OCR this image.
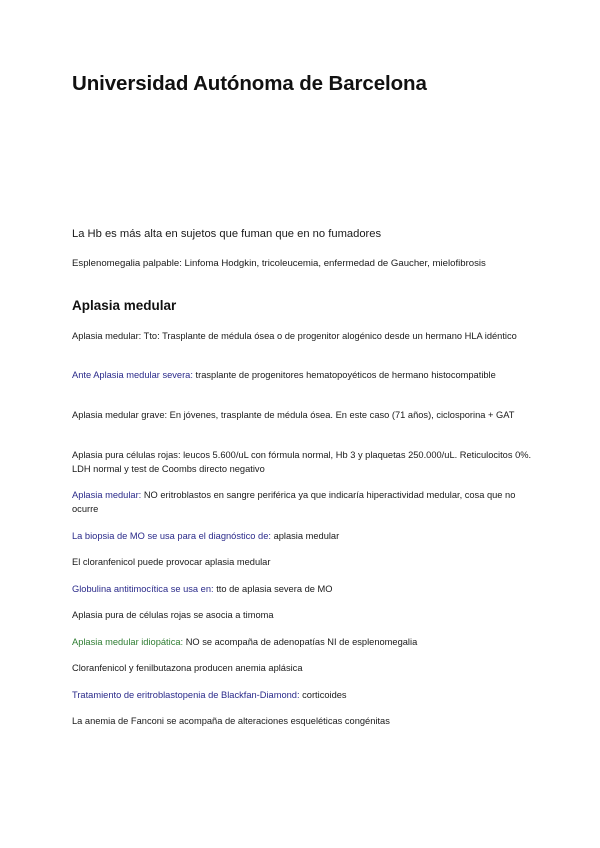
Universidad Autónoma de Barcelona

La Hb es más alta en sujetos que fuman que en no fumadores

Esplenomegalia palpable: Linfoma Hodgkin, tricoleucemia, enfermedad de Gaucher, mielofibrosis

Aplasia medular

Aplasia medular: Tto: Trasplante de médula ósea o de progenitor alogénico desde un hermano HLA idéntico

Ante Aplasia medular severa: trasplante de progenitores hematopoyéticos de hermano histocompatible

Aplasia medular grave: En jóvenes, trasplante de médula ósea. En este caso (71 años), ciclosporina + GAT

Aplasia pura células rojas: leucos 5.600/uL con fórmula normal, Hb 3 y plaquetas 250.000/uL. Reticulocitos 0%. LDH normal y test de Coombs directo negativo

Aplasia medular: NO eritroblastos en sangre periférica ya que indicaría hiperactividad medular, cosa que no ocurre

La biopsia de MO se usa para el diagnóstico de: aplasia medular

El cloranfenicol puede provocar aplasia medular

Globulina antitimocítica se usa en: tto de aplasia severa de MO

Aplasia pura de células rojas se asocia a timoma

Aplasia medular idiopática: NO se acompaña de adenopatías NI de esplenomegalia

Cloranfenicol y fenilbutazona producen anemia aplásica

Tratamiento de eritroblastopenia de Blackfan-Diamond: corticoides

La anemia de Fanconi se acompaña de alteraciones esqueléticas congénitas
